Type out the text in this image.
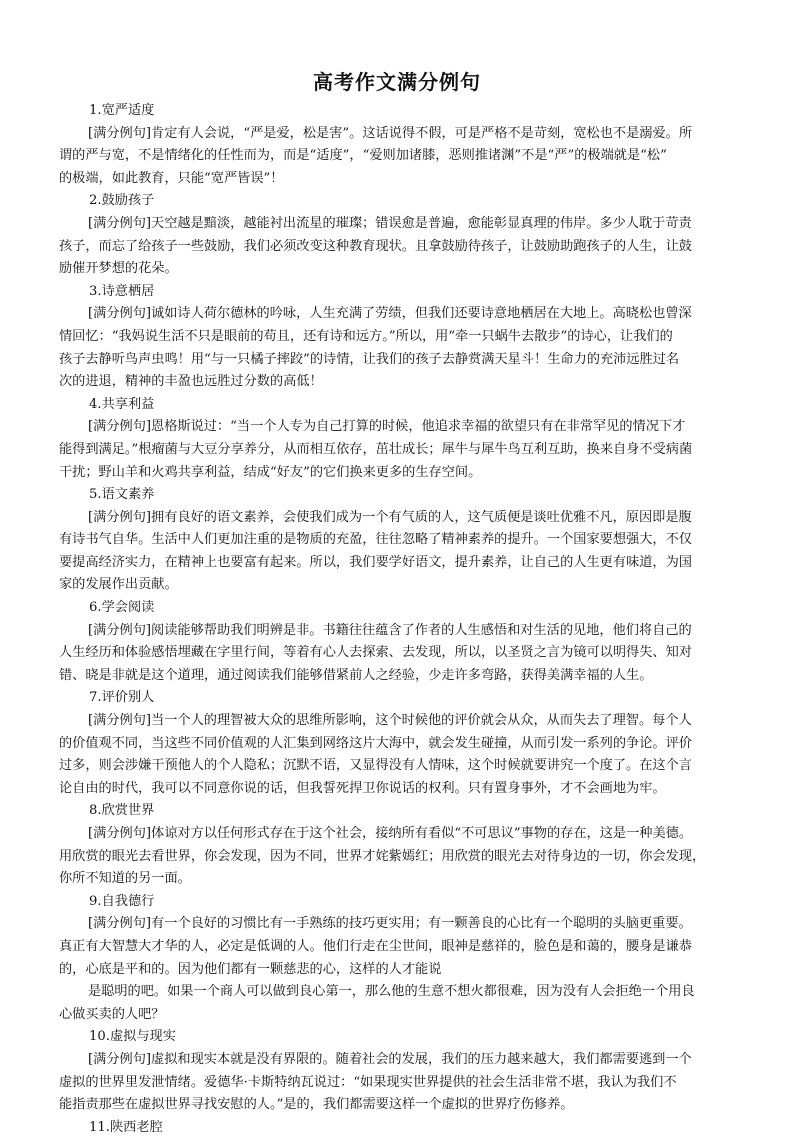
高考作文满分例句
1.宽严适度
[满分例句]肯定有人会说，“严是爱，松是害”。这话说得不假，可是严格不是苛刻，宽松也不是溺爱。所
谓的严与宽，不是情绪化的任性而为，而是“适度”，“爱则加诸膝，恶则推诸渊”不是“严”的极端就是“松”
的极端，如此教育，只能“宽严皆误”！
2.鼓励孩子
[满分例句]天空越是黯淡，越能衬出流星的璀璨；错误愈是普遍，愈能彰显真理的伟岸。多少人耽于苛责
孩子，而忘了给孩子一些鼓励，我们必须改变这种教育现状。且拿鼓励待孩子，让鼓励助跑孩子的人生，让鼓
励催开梦想的花朵。
3.诗意栖居
[满分例句]诚如诗人荷尔德林的吟咏，人生充满了劳绩，但我们还要诗意地栖居在大地上。高晓松也曾深
情回忆：“我妈说生活不只是眼前的苟且，还有诗和远方。”所以，用“牵一只蜗牛去散步”的诗心，让我们的
孩子去静听鸟声虫鸣！用“与一只橘子摔跤”的诗情，让我们的孩子去静赏满天星斗！生命力的充沛远胜过名
次的进退，精神的丰盈也远胜过分数的高低！
4.共享利益
[满分例句]恩格斯说过：“当一个人专为自己打算的时候，他追求幸福的欲望只有在非常罕见的情况下才
能得到满足。”根瘤菌与大豆分享养分，从而相互依存，茁壮成长；犀牛与犀牛鸟互利互助，换来自身不受病菌
干扰；野山羊和火鸡共享利益，结成“好友”的它们换来更多的生存空间。
5.语文素养
[满分例句]拥有良好的语文素养，会使我们成为一个有气质的人，这气质便是谈吐优雅不凡，原因即是腹
有诗书气自华。生活中人们更加注重的是物质的充盈，往往忽略了精神素养的提升。一个国家要想强大，不仅
要提高经济实力，在精神上也要富有起来。所以，我们要学好语文，提升素养，让自己的人生更有味道，为国
家的发展作出贡献。
6.学会阅读
[满分例句]阅读能够帮助我们明辨是非。书籍往往蕴含了作者的人生感悟和对生活的见地，他们将自己的
人生经历和体验感悟埋藏在字里行间，等着有心人去探索、去发现，所以，以圣贤之言为镜可以明得失、知对
错、晓是非就是这个道理，通过阅读我们能够借紧前人之经验，少走许多弯路，获得美满幸福的人生。
7.评价别人
[满分例句]当一个人的理智被大众的思维所影响，这个时候他的评价就会从众，从而失去了理智。每个人
的价值观不同，当这些不同价值观的人汇集到网络这片大海中，就会发生碰撞，从而引发一系列的争论。评价
过多，则会涉嫌干预他人的个人隐私；沉默不语，又显得没有人情味，这个时候就要讲究一个度了。在这个言
论自由的时代，我可以不同意你说的话，但我誓死捍卫你说话的权利。只有置身事外，才不会画地为牢。
8.欣赏世界
[满分例句]体谅对方以任何形式存在于这个社会，接纳所有看似“不可思议”事物的存在，这是一种美德。
用欣赏的眼光去看世界，你会发现，因为不同，世界才姹紫嫣红；用欣赏的眼光去对待身边的一切，你会发现，
你所不知道的另一面。
9.自我德行
[满分例句]有一个良好的习惯比有一手熟练的技巧更实用；有一颗善良的心比有一个聪明的头脑更重要。
真正有大智慧大才华的人，必定是低调的人。他们行走在尘世间，眼神是慈祥的，脸色是和蔼的，腰身是谦恭
的，心底是平和的。因为他们都有一颗慈悲的心，这样的人才能说
是聪明的吧。如果一个商人可以做到良心第一，那么他的生意不想火都很难，因为没有人会拒绝一个用良
心做买卖的人吧？
10.虚拟与现实
[满分例句]虚拟和现实本就是没有界限的。随着社会的发展，我们的压力越来越大，我们都需要逃到一个
虚拟的世界里发泄情绪。爱德华·卡斯特纳瓦说过：“如果现实世界提供的社会生活非常不堪，我认为我们不
能指责那些在虚拟世界寻找安慰的人。”是的，我们都需要这样一个虚拟的世界疗伤修养。
11.陕西老腔
